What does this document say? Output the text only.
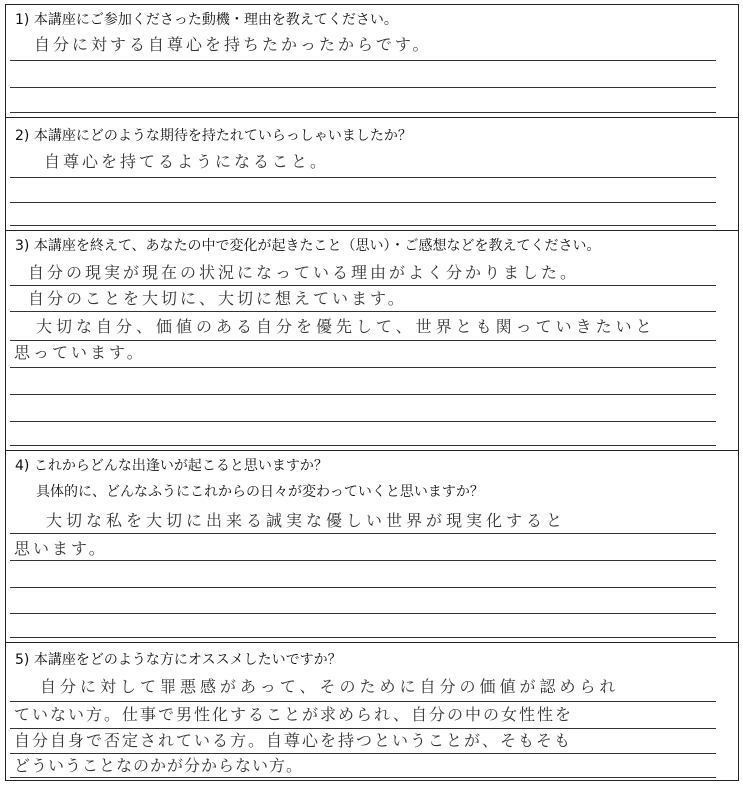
1) 本講座にご参加くださった動機・理由を教えてください。
自分に対する自尊心を持ちたかったからです。
2) 本講座にどのような期待を持たれていらっしゃいましたか？
自尊心を持てるようになること。
3) 本講座を終えて、あなたの中で変化が起きたこと（思い）・ご感想などを教えてください。
自分の現実が現在の状況になっている理由がよく分かりました。
自分のことを大切に、大切に想えています。
大切な自分、価値のある自分を優先して、世界とも関っていきたいと
思っています。
4) これからどんな出逢いが起こると思いますか？
具体的に、どんなふうにこれからの日々が変わっていくと思いますか？
大切な私を大切に出来る誠実な優しい世界が現実化すると
思います。
5) 本講座をどのような方にオススメしたいですか？
自分に対して罪悪感があって、そのために自分の価値が認められ
ていない方。仕事で男性化することが求められ、自分の中の女性性を
自分自身で否定されている方。自尊心を持つということが、そもそも
どういうことなのかが分からない方。
